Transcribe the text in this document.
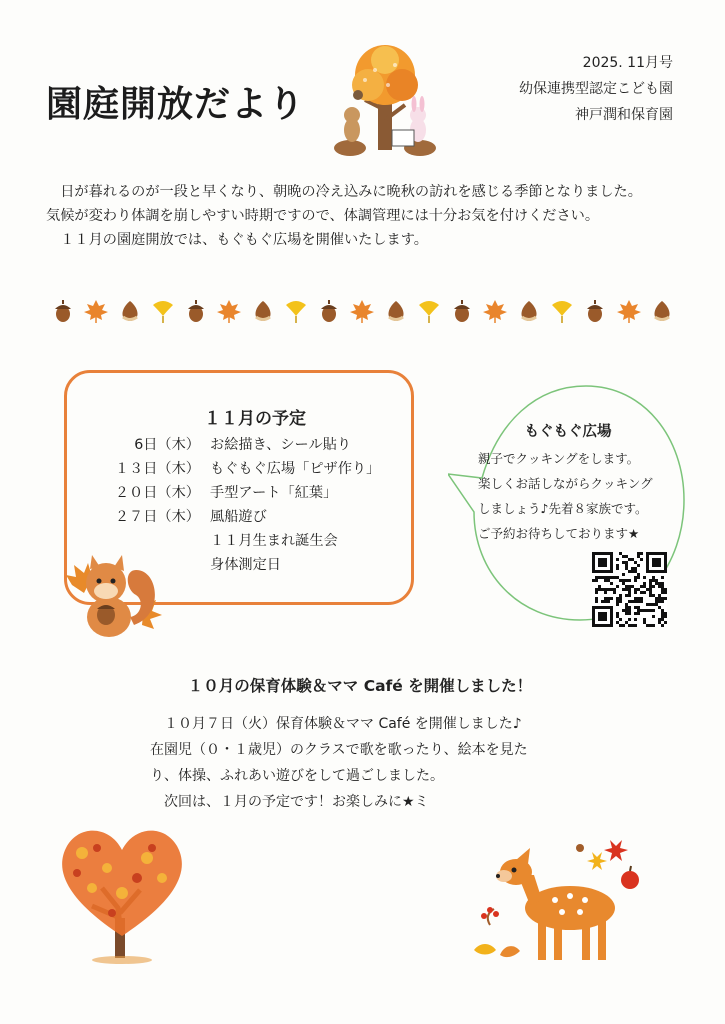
園庭開放だより
2025. 11月号
幼保連携型認定こども園
神戸潤和保育園

　日が暮れるのが一段と早くなり、朝晩の冷え込みに晩秋の訪れを感じる季節となりました。

気候が変わり体調を崩しやすい時期ですので、体調管理には十分お気を付けください。

　１１月の園庭開放では、もぐもぐ広場を開催いたします。

１１月の予定
6日（木） お絵描き、シール貼り
１３日（木） もぐもぐ広場「ピザ作り」
２０日（木） 手型アート「紅葉」
２７日（木） 風船遊び
１１月生まれ誕生会
身体測定日
もぐもぐ広場

親子でクッキングをします。

楽しくお話しながらクッキング

しましょう♪先着８家族です。

ご予約お待ちしております★

１０月の保育体験＆ママ Café を開催しました！

　１０月７日（火）保育体験＆ママ Café を開催しました♪

在園児（０・１歳児）のクラスで歌を歌ったり、絵本を見た

り、体操、ふれあい遊びをして過ごしました。

　次回は、１月の予定です！お楽しみに★ミ
